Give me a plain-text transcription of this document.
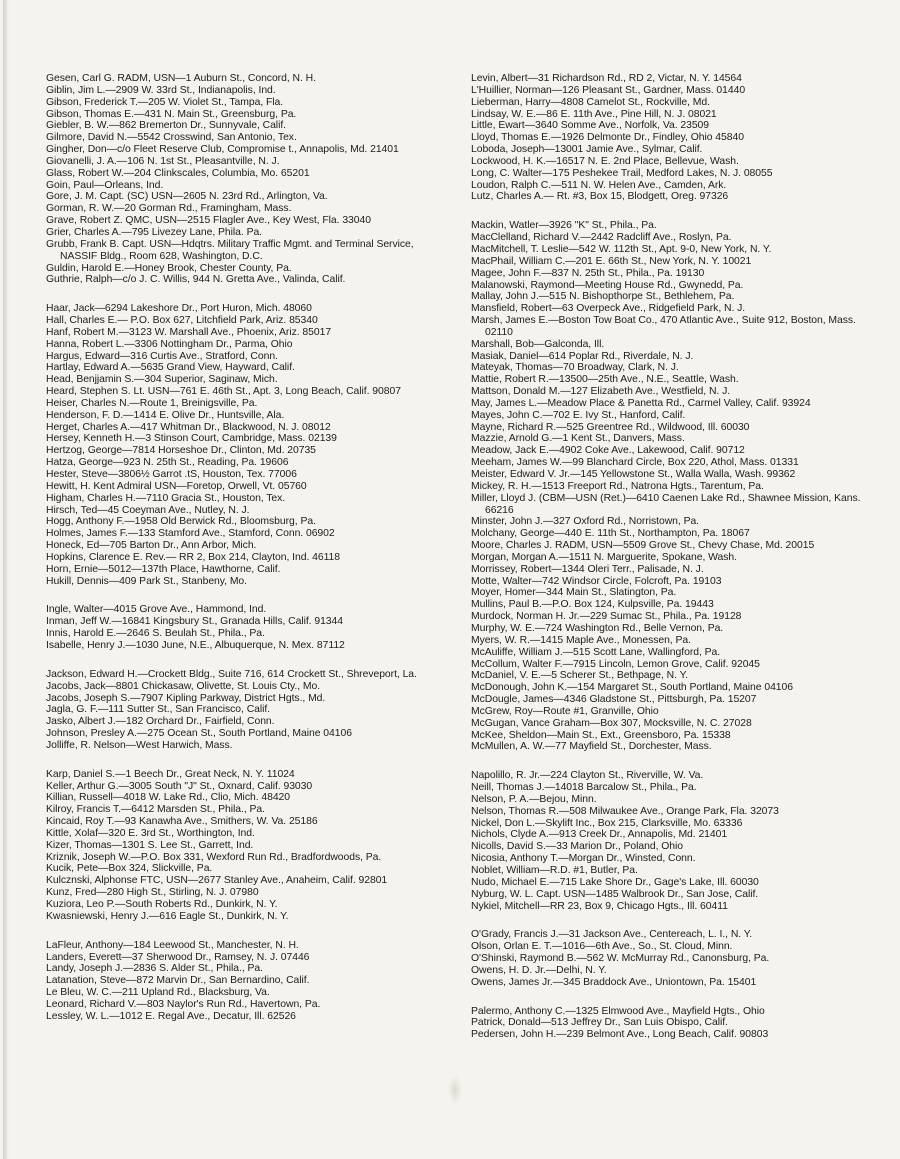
Gesen, Carl G. RADM, USN—1 Auburn St., Concord, N. H.
Giblin, Jim L.—2909 W. 33rd St., Indianapolis, Ind.
Gibson, Frederick T.—205 W. Violet St., Tampa, Fla.
Gibson, Thomas E.—431 N. Main St., Greensburg, Pa.
Giebler, B. W.—862 Bremerton Dr., Sunnyvale, Calif.
Gilmore, David N.—5542 Crosswind, San Antonio, Tex.
Gingher, Don—c/o Fleet Reserve Club, Compromise t., Annapolis, Md. 21401
Giovanelli, J. A.—106 N. 1st St., Pleasantville, N. J.
Glass, Robert W.—204 Clinkscales, Columbia, Mo. 65201
Goin, Paul—Orleans, Ind.
Gore, J. M. Capt. (SC) USN—2605 N. 23rd Rd., Arlington, Va.
Gorman, R. W.—20 Gorman Rd., Framingham, Mass.
Grave, Robert Z. QMC, USN—2515 Flagler Ave., Key West, Fla. 33040
Grier, Charles A.—795 Livezey Lane, Phila. Pa.
Grubb, Frank B. Capt. USN—Hdqtrs. Military Traffic Mgmt. and Terminal Service, NASSIF Bldg., Room 628, Washington, D.C.
Guldin, Harold E.—Honey Brook, Chester County, Pa.
Guthrie, Ralph—c/o J. C. Willis, 944 N. Gretta Ave., Valinda, Calif.
Haar, Jack—6294 Lakeshore Dr., Port Huron, Mich. 48060
Hall, Charles E.— P.O. Box 627, Litchfield Park, Ariz. 85340
Hanf, Robert M.—3123 W. Marshall Ave., Phoenix, Ariz. 85017
Hanna, Robert L.—3306 Nottingham Dr., Parma, Ohio
Hargus, Edward—316 Curtis Ave., Stratford, Conn.
Hartlay, Edward A.—5635 Grand View, Hayward, Calif.
Head, Benjjamin S.—304 Superior, Saginaw, Mich.
Heard, Stephen S. Lt. USN—761 E. 46th St., Apt. 3, Long Beach, Calif. 90807
Heiser, Charles N.—Route 1, Breinigsville, Pa.
Henderson, F. D.—1414 E. Olive Dr., Huntsville, Ala.
Herget, Charles A.—417 Whitman Dr., Blackwood, N. J. 08012
Hersey, Kenneth H.—3 Stinson Court, Cambridge, Mass. 02139
Hertzog, George—7814 Horseshoe Dr., Clinton, Md. 20735
Hatza, George—923 N. 25th St., Reading, Pa. 19606
Hester, Steve—3806½ Garrot .tS, Houston, Tex. 77006
Hewitt, H. Kent Admiral USN—Foretop, Orwell, Vt. 05760
Higham, Charles H.—7110 Gracia St., Houston, Tex.
Hirsch, Ted—45 Coeyman Ave., Nutley, N. J.
Hogg, Anthony F.—1958 Old Berwick Rd., Bloomsburg, Pa.
Holmes, James F.—133 Stamford Ave., Stamford, Conn. 06902
Honeck, Ed—705 Barton Dr., Ann Arbor, Mich.
Hopkins, Clarence E. Rev.— RR 2, Box 214, Clayton, Ind. 46118
Horn, Ernie—5012—137th Place, Hawthorne, Calif.
Hukill, Dennis—409 Park St., Stanbeny, Mo.
Ingle, Walter—4015 Grove Ave., Hammond, Ind.
Inman, Jeff W.—16841 Kingsbury St., Granada Hills, Calif. 91344
Innis, Harold E.—2646 S. Beulah St., Phila., Pa.
Isabelle, Henry J.—1030 June, N.E., Albuquerque, N. Mex. 87112
Jackson, Edward H.—Crockett Bldg., Suite 716, 614 Crockett St., Shreveport, La.
Jacobs, Jack—8801 Chickasaw, Olivette, St. Louis Cty., Mo.
Jacobs, Joseph S.—7907 Kipling Parkway, District Hgts., Md.
Jagla, G. F.—111 Sutter St., San Francisco, Calif.
Jasko, Albert J.—182 Orchard Dr., Fairfield, Conn.
Johnson, Presley A.—275 Ocean St., South Portland, Maine 04106
Jolliffe, R. Nelson—West Harwich, Mass.
Karp, Daniel S.—1 Beech Dr., Great Neck, N. Y. 11024
Keller, Arthur G.—3005 South "J" St., Oxnard, Calif. 93030
Killian, Russell—4018 W. Lake Rd., Clio, Mich. 48420
Kilroy, Francis T.—6412 Marsden St., Phila., Pa.
Kincaid, Roy T.—93 Kanawha Ave., Smithers, W. Va. 25186
Kittle, Xolaf—320 E. 3rd St., Worthington, Ind.
Kizer, Thomas—1301 S. Lee St., Garrett, Ind.
Kriznik, Joseph W.—P.O. Box 331, Wexford Run Rd., Bradfordwoods, Pa.
Kucik, Pete—Box 324, Slickville, Pa.
Kulcznski, Alphonse FTC, USN—2677 Stanley Ave., Anaheim, Calif. 92801
Kunz, Fred—280 High St., Stirling, N. J. 07980
Kuziora, Leo P.—South Roberts Rd., Dunkirk, N. Y.
Kwasniewski, Henry J.—616 Eagle St., Dunkirk, N. Y.
LaFleur, Anthony—184 Leewood St., Manchester, N. H.
Landers, Everett—37 Sherwood Dr., Ramsey, N. J. 07446
Landy, Joseph J.—2836 S. Alder St., Phila., Pa.
Latanation, Steve—872 Marvin Dr., San Bernardino, Calif.
Le Bleu, W. C.—211 Upland Rd., Blacksburg, Va.
Leonard, Richard V.—803 Naylor's Run Rd., Havertown, Pa.
Lessley, W. L.—1012 E. Regal Ave., Decatur, Ill. 62526
Levin, Albert—31 Richardson Rd., RD 2, Victar, N. Y. 14564
L'Huillier, Norman—126 Pleasant St., Gardner, Mass. 01440
Lieberman, Harry—4808 Camelot St., Rockville, Md.
Lindsay, W. E.—86 E. 11th Ave., Pine Hill, N. J. 08021
Little, Ewart—3640 Somme Ave., Norfolk, Va. 23509
Lloyd, Thomas E.—1926 Delmonte Dr., Findley, Ohio 45840
Loboda, Joseph—13001 Jamie Ave., Sylmar, Calif.
Lockwood, H. K.—16517 N. E. 2nd Place, Bellevue, Wash.
Long, C. Walter—175 Peshekee Trail, Medford Lakes, N. J. 08055
Loudon, Ralph C.—511 N. W. Helen Ave., Camden, Ark.
Lutz, Charles A.— Rt. #3, Box 15, Blodgett, Oreg. 97326
Mackin, Watler—3926 "K" St., Phila., Pa.
MacClelland, Richard V.—2442 Radcliff Ave., Roslyn, Pa.
MacMitchell, T. Leslie—542 W. 112th St., Apt. 9-0, New York, N. Y.
MacPhail, William C.—201 E. 66th St., New York, N. Y. 10021
Magee, John F.—837 N. 25th St., Phila., Pa. 19130
Malanowski, Raymond—Meeting House Rd., Gwynedd, Pa.
Mallay, John J.—515 N. Bishopthorpe St., Bethlehem, Pa.
Mansfield, Robert—63 Overpeck Ave., Ridgefield Park, N. J.
Marsh, James E.—Boston Tow Boat Co., 470 Atlantic Ave., Suite 912, Boston, Mass. 02110
Marshall, Bob—Galconda, Ill.
Masiak, Daniel—614 Poplar Rd., Riverdale, N. J.
Mateyak, Thomas—70 Broadway, Clark, N. J.
Mattie, Robert R.—13500—25th Ave., N.E., Seattle, Wash.
Mattson, Donald M.—127 Elizabeth Ave., Westfield, N. J.
May, James L.—Meadow Place & Panetta Rd., Carmel Valley, Calif. 93924
Mayes, John C.—702 E. Ivy St., Hanford, Calif.
Mayne, Richard R.—525 Greentree Rd., Wildwood, Ill. 60030
Mazzie, Arnold G.—1 Kent St., Danvers, Mass.
Meadow, Jack E.—4902 Coke Ave., Lakewood, Calif. 90712
Meeham, James W.—99 Blanchard Circle, Box 220, Athol, Mass. 01331
Meister, Edward V. Jr.—145 Yellowstone St., Walla Walla, Wash. 99362
Mickey, R. H.—1513 Freeport Rd., Natrona Hgts., Tarentum, Pa.
Miller, Lloyd J. (CBM—USN (Ret.)—6410 Caenen Lake Rd., Shawnee Mission, Kans. 66216
Minster, John J.—327 Oxford Rd., Norristown, Pa.
Molchany, George—440 E. 11th St., Northampton, Pa. 18067
Moore, Charles J. RADM, USN—5509 Grove St., Chevy Chase, Md. 20015
Morgan, Morgan A.—1511 N. Marguerite, Spokane, Wash.
Morrissey, Robert—1344 Oleri Terr., Palisade, N. J.
Motte, Walter—742 Windsor Circle, Folcroft, Pa. 19103
Moyer, Homer—344 Main St., Slatington, Pa.
Mullins, Paul B.—P.O. Box 124, Kulpsville, Pa. 19443
Murdock, Norman H. Jr.—229 Sumac St., Phila., Pa. 19128
Murphy, W. E.—724 Washington Rd., Belle Vernon, Pa.
Myers, W. R.—1415 Maple Ave., Monessen, Pa.
McAuliffe, William J.—515 Scott Lane, Wallingford, Pa.
McCollum, Walter F.—7915 Lincoln, Lemon Grove, Calif. 92045
McDaniel, V. E.—5 Scherer St., Bethpage, N. Y.
McDonough, John K.—154 Margaret St., South Portland, Maine 04106
McDougle, James—4346 Gladstone St., Pittsburgh, Pa. 15207
McGrew, Roy—Route #1, Granville, Ohio
McGugan, Vance Graham—Box 307, Mocksville, N. C. 27028
McKee, Sheldon—Main St., Ext., Greensboro, Pa. 15338
McMullen, A. W.—77 Mayfield St., Dorchester, Mass.
Napolillo, R. Jr.—224 Clayton St., Riverville, W. Va.
Neill, Thomas J.—14018 Barcalow St., Phila., Pa.
Nelson, P. A.—Bejou, Minn.
Nelson, Thomas R.—508 Milwaukee Ave., Orange Park, Fla. 32073
Nickel, Don L.—Skylift Inc., Box 215, Clarksville, Mo. 63336
Nichols, Clyde A.—913 Creek Dr., Annapolis, Md. 21401
Nicolls, David S.—33 Marion Dr., Poland, Ohio
Nicosia, Anthony T.—Morgan Dr., Winsted, Conn.
Noblet, William—R.D. #1, Butler, Pa.
Nudo, Michael E.—715 Lake Shore Dr., Gage's Lake, Ill. 60030
Nyburg, W. L. Capt. USN—1485 Walbrook Dr., San Jose, Calif.
Nykiel, Mitchell—RR 23, Box 9, Chicago Hgts., Ill. 60411
O'Grady, Francis J.—31 Jackson Ave., Centereach, L. I., N. Y.
Olson, Orlan E. T.—1016—6th Ave., So., St. Cloud, Minn.
O'Shinski, Raymond B.—562 W. McMurray Rd., Canonsburg, Pa.
Owens, H. D. Jr.—Delhi, N. Y.
Owens, James Jr.—345 Braddock Ave., Uniontown, Pa. 15401
Palermo, Anthony C.—1325 Elmwood Ave., Mayfield Hgts., Ohio
Patrick, Donald—513 Jeffrey Dr., San Luis Obispo, Calif.
Pedersen, John H.—239 Belmont Ave., Long Beach, Calif. 90803
